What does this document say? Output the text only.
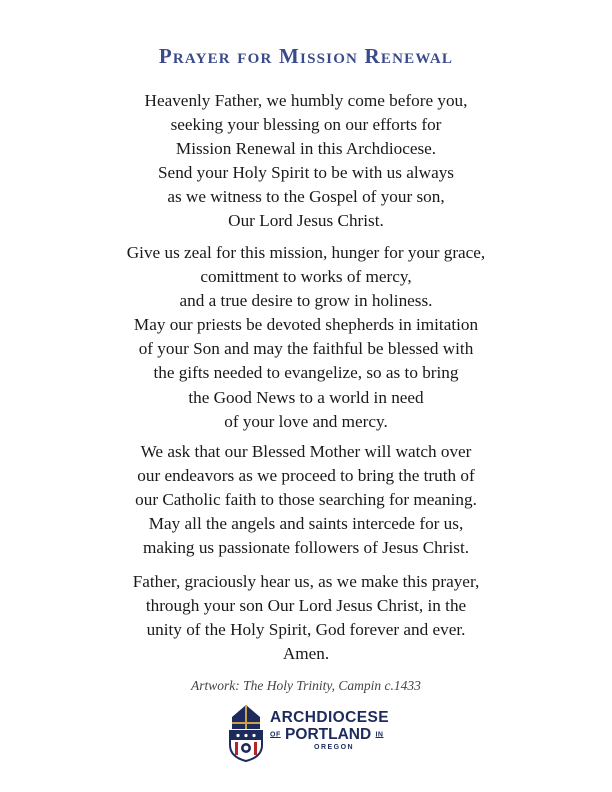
Prayer for Mission Renewal

Heavenly Father, we humbly come before you,
seeking your blessing on our efforts for
Mission Renewal in this Archdiocese.
Send your Holy Spirit to be with us always
as we witness to the Gospel of your son,
Our Lord Jesus Christ.

Give us zeal for this mission, hunger for your grace,
comittment to works of mercy,
and a true desire to grow in holiness.
May our priests be devoted shepherds in imitation
of your Son and may the faithful be blessed with
the gifts needed to evangelize, so as to bring
the Good News to a world in need
of your love and mercy.

We ask that our Blessed Mother will watch over
our endeavors as we proceed to bring the truth of
our Catholic faith to those searching for meaning.
May all the angels and saints intercede for us,
making us passionate followers of Jesus Christ.

Father, graciously hear us, as we make this prayer,
through your son Our Lord Jesus Christ, in the
unity of the Holy Spirit, God forever and ever.
Amen.

Artwork: The Holy Trinity, Campin c.1433

ARCHDIOCESE
OF PORTLAND IN
OREGON
